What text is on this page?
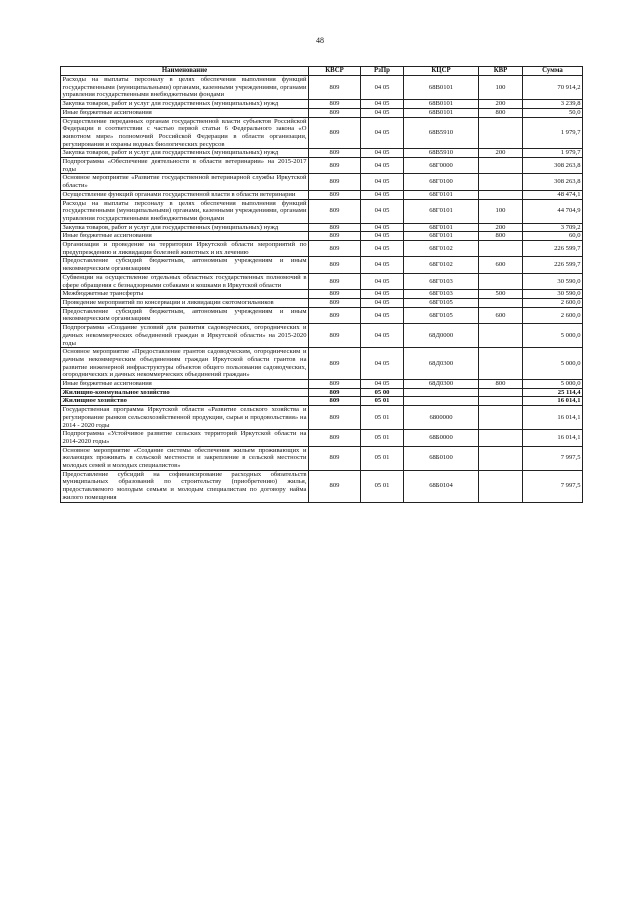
48
Наименование	КВСР	РзПр	КЦСР	КВР	Сумма
Расходы на выплаты персоналу в целях обеспечения выполнения функций государственными (муниципальными) органами, казенными учреждениями, органами управления государственными внебюджетными фондами	809	04 05	68В0101	100	70 914,2
Закупка товаров, работ и услуг для государственных (муниципальных) нужд	809	04 05	68В0101	200	3 239,8
Иные бюджетные ассигнования	809	04 05	68В0101	800	50,0
Осуществление переданных органам государственной власти субъектов Российской Федерации в соответствии с частью первой статьи 6 Федерального закона «О животном мире» полномочий Российской Федерации в области организации, регулирования и охраны водных биологических ресурсов	809	04 05	68В5910		1 979,7
Закупка товаров, работ и услуг для государственных (муниципальных) нужд	809	04 05	68В5910	200	1 979,7
Подпрограмма «Обеспечение деятельности в области ветеринарии» на 2015-2017 годы	809	04 05	68Г0000		308 263,8
Основное мероприятие «Развитие государственной ветеринарной службы Иркутской области»	809	04 05	68Г0100		308 263,8
Осуществление функций органами государственной власти в области ветеринарии	809	04 05	68Г0101		48 474,1
Расходы на выплаты персоналу в целях обеспечения выполнения функций государственными (муниципальными) органами, казенными учреждениями, органами управления государственными внебюджетными фондами	809	04 05	68Г0101	100	44 704,9
Закупка товаров, работ и услуг для государственных (муниципальных) нужд	809	04 05	68Г0101	200	3 709,2
Иные бюджетные ассигнования	809	04 05	68Г0101	800	60,0
Организация и проведение на территории Иркутской области мероприятий по предупреждению и ликвидации болезней животных и их лечению	809	04 05	68Г0102		226 599,7
Предоставление субсидий бюджетным, автономным учреждениям и иным некоммерческим организациям	809	04 05	68Г0102	600	226 599,7
Субвенции на осуществление отдельных областных государственных полномочий в сфере обращения с безнадзорными собаками и кошками в Иркутской области	809	04 05	68Г0103		30 590,0
Межбюджетные трансферты	809	04 05	68Г0103	500	30 590,0
Проведение мероприятий по консервации и ликвидации скотомогильников	809	04 05	68Г0105		2 600,0
Предоставление субсидий бюджетным, автономным учреждениям и иным некоммерческим организациям	809	04 05	68Г0105	600	2 600,0
Подпрограмма «Создание условий для развития садоводческих, огороднических и дачных некоммерческих объединений граждан в Иркутской области» на 2015-2020 годы	809	04 05	68Д0000		5 000,0
Основное мероприятие «Предоставление грантов садоводческим, огородническим и дачным некоммерческим объединениям граждан Иркутской области грантов на развитие инженерной инфраструктуры объектов общего пользования садоводческих, огороднических и дачных некоммерческих объединений граждан»	809	04 05	68Д0300		5 000,0
Иные бюджетные ассигнования	809	04 05	68Д0300	800	5 000,0
Жилищно-коммунальное хозяйство	809	05 00			25 114,4
Жилищное хозяйство	809	05 01			16 014,1
Государственная программа Иркутской области «Развитие сельского хозяйства и регулирование рынков сельскохозяйственной продукции, сырья и продовольствия» на 2014 - 2020 годы	809	05 01	6800000		16 014,1
Подпрограмма «Устойчивое развитие сельских территорий Иркутской области на 2014-2020 годы»	809	05 01	68Б0000		16 014,1
Основное мероприятие «Создание системы обеспечения жильем проживающих и желающих проживать в сельской местности и закрепление в сельской местности молодых семей и молодых специалистов»	809	05 01	68Б0100		7 997,5
Предоставление субсидий на софинансирование расходных обязательств муниципальных образований по строительству (приобретению) жилья, предоставляемого молодым семьям и молодым специалистам по договору найма жилого помещения	809	05 01	68Б0104		7 997,5
